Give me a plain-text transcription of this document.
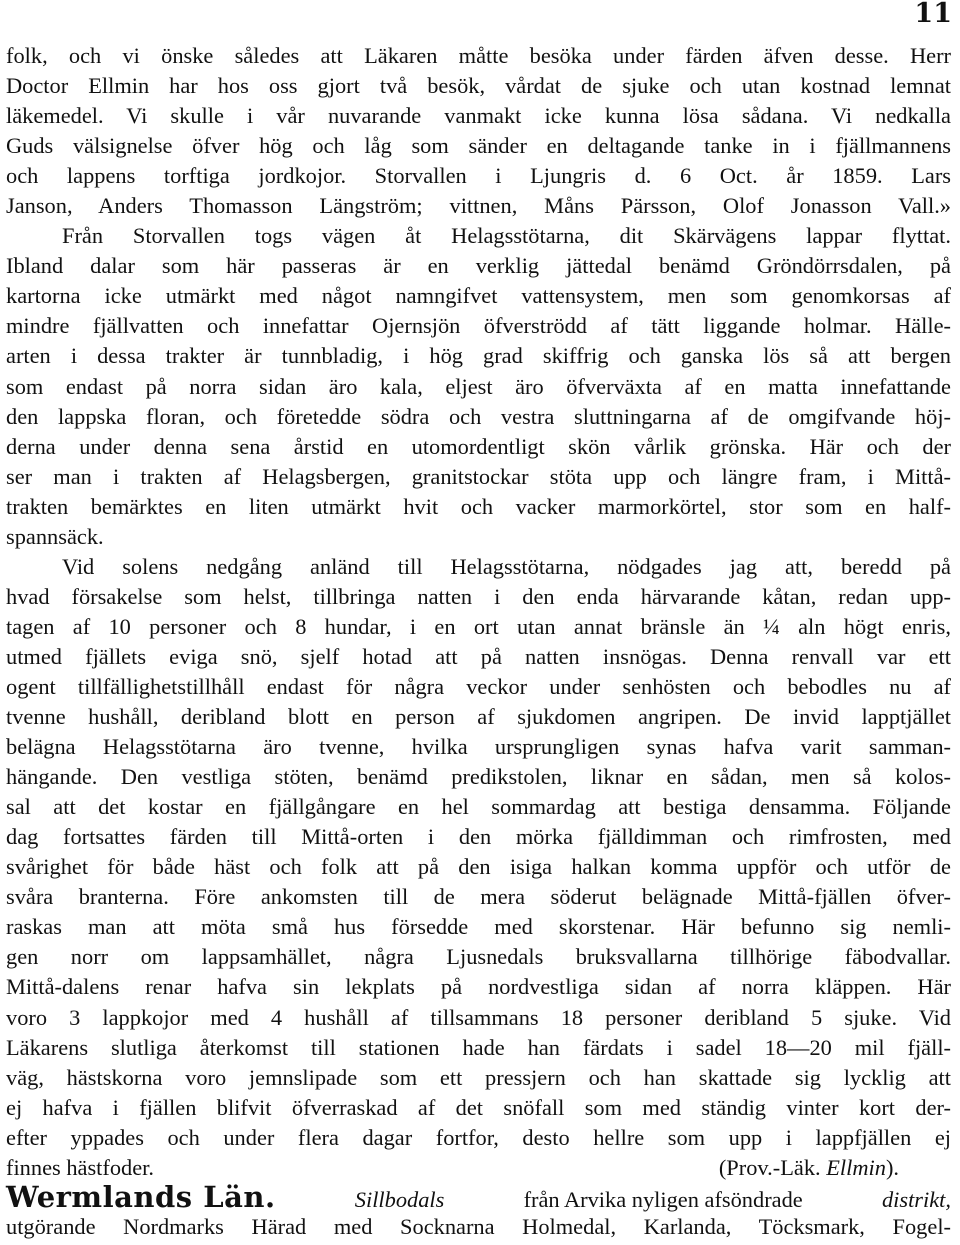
11
folk, och vi önske således att Läkaren måtte besöka under färden äfven desse. Herr
Doctor Ellmin har hos oss gjort två besök, vårdat de sjuke och utan kostnad lemnat
läkemedel. Vi skulle i vår nuvarande vanmakt icke kunna lösa sådana. Vi nedkalla
Guds välsignelse öfver hög och låg som sänder en deltagande tanke in i fjällmannens
och lappens torftiga jordkojor. Storvallen i Ljungris d. 6 Oct. år 1859. Lars
Janson, Anders Thomasson Längström; vittnen, Måns Pärsson, Olof Jonasson Vall.»
Från Storvallen togs vägen åt Helagsstötarna, dit Skärvägens lappar flyttat.
Ibland dalar som här passeras är en verklig jättedal benämd Gröndörrsdalen, på
kartorna icke utmärkt med något namngifvet vattensystem, men som genomkorsas af
mindre fjällvatten och innefattar Ojernsjön öfverströdd af tätt liggande holmar. Hälle-
arten i dessa trakter är tunnbladig, i hög grad skiffrig och ganska lös så att bergen
som endast på norra sidan äro kala, eljest äro öfverväxta af en matta innefattande
den lappska floran, och företedde södra och vestra sluttningarna af de omgifvande höj-
derna under denna sena årstid en utomordentligt skön vårlik grönska. Här och der
ser man i trakten af Helagsbergen, granitstockar stöta upp och längre fram, i Mittå-
trakten bemärktes en liten utmärkt hvit och vacker marmorkörtel, stor som en half-
spannsäck.
Vid solens nedgång anländ till Helagsstötarna, nödgades jag att, beredd på
hvad försakelse som helst, tillbringa natten i den enda härvarande kåtan, redan upp-
tagen af 10 personer och 8 hundar, i en ort utan annat bränsle än ¼ aln högt enris,
utmed fjällets eviga snö, sjelf hotad att på natten insnögas. Denna renvall var ett
ogent tillfällighetstillhåll endast för några veckor under senhösten och bebodles nu af
tvenne hushåll, deribland blott en person af sjukdomen angripen. De invid lapptjället
belägna Helagsstötarna äro tvenne, hvilka ursprungligen synas hafva varit samman-
hängande. Den vestliga stöten, benämd predikstolen, liknar en sådan, men så kolos-
sal att det kostar en fjällgångare en hel sommardag att bestiga densamma. Följande
dag fortsattes färden till Mittå-orten i den mörka fjälldimman och rimfrosten, med
svårighet för både häst och folk att på den isiga halkan komma uppför och utför de
svåra branterna. Före ankomsten till de mera söderut belägnade Mittå-fjällen öfver-
raskas man att möta små hus försedde med skorstenar. Här befunno sig nemli-
gen norr om lappsamhället, några Ljusnedals bruksvallarna tillhörige fäbodvallar.
Mittå-dalens renar hafva sin lekplats på nordvestliga sidan af norra kläppen. Här
voro 3 lappkojor med 4 hushåll af tillsammans 18 personer deribland 5 sjuke. Vid
Läkarens slutliga återkomst till stationen hade han färdats i sadel 18—20 mil fjäll-
väg, hästskorna voro jemnslipade som ett pressjern och han skattade sig lycklig att
ej hafva i fjällen blifvit öfverraskad af det snöfall som med ständig vinter kort der-
efter yppades och under flera dagar fortfor, desto hellre som upp i lappfjällen ej
finnes hästfoder.	(Prov.-Läk. Ellmin).
Wermlands Län.	Sillbodals	från Arvika nyligen afsöndrade	distrikt,
utgörande Nordmarks Härad med Socknarna Holmedal, Karlanda, Töcksmark, Fogel-
